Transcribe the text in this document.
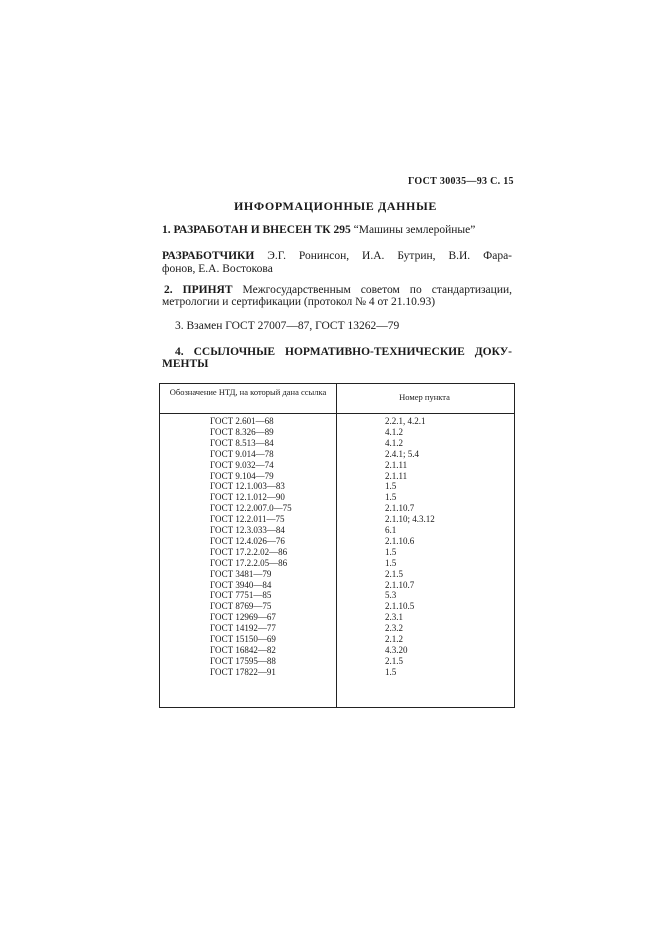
ГОСТ 30035—93 С. 15
ИНФОРМАЦИОННЫЕ ДАННЫЕ
1. РАЗРАБОТАН И ВНЕСЕН ТК 295 “Машины землеройные”
РАЗРАБОТЧИКИ Э.Г. Ронинсон, И.А. Бутрин, В.И. Фара-
фонов, Е.А. Востокова
2. ПРИНЯТ Межгосударственным советом по стандартизации,
метрологии и сертификации (протокол № 4 от 21.10.93)
3. Взамен ГОСТ 27007—87, ГОСТ 13262—79
4. ССЫЛОЧНЫЕ НОРМАТИВНО-ТЕХНИЧЕСКИЕ ДОКУ-
МЕНТЫ
Обозначение НТД, на который дана ссылка	Номер пункта
ГОСТ 2.601—68	2.2.1, 4.2.1
ГОСТ 8.326—89	4.1.2
ГОСТ 8.513—84	4.1.2
ГОСТ 9.014—78	2.4.1; 5.4
ГОСТ 9.032—74	2.1.11
ГОСТ 9.104—79	2.1.11
ГОСТ 12.1.003—83	1.5
ГОСТ 12.1.012—90	1.5
ГОСТ 12.2.007.0—75	2.1.10.7
ГОСТ 12.2.011—75	2.1.10; 4.3.12
ГОСТ 12.3.033—84	6.1
ГОСТ 12.4.026—76	2.1.10.6
ГОСТ 17.2.2.02—86	1.5
ГОСТ 17.2.2.05—86	1.5
ГОСТ 3481—79	2.1.5
ГОСТ 3940—84	2.1.10.7
ГОСТ 7751—85	5.3
ГОСТ 8769—75	2.1.10.5
ГОСТ 12969—67	2.3.1
ГОСТ 14192—77	2.3.2
ГОСТ 15150—69	2.1.2
ГОСТ 16842—82	4.3.20
ГОСТ 17595—88	2.1.5
ГОСТ 17822—91	1.5
